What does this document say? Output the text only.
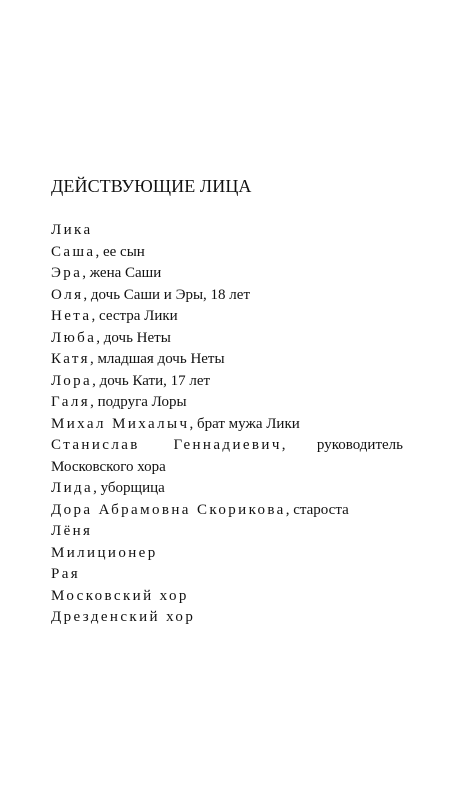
ДЕЙСТВУЮЩИЕ ЛИЦА
Лика
Саша, ее сын
Эра, жена Саши
Оля, дочь Саши и Эры, 18 лет
Нета, сестра Лики
Люба, дочь Неты
Катя, младшая дочь Неты
Лора, дочь Кати, 17 лет
Галя, подруга Лоры
Михал Михалыч, брат мужа Лики
Станислав Геннадиевич, руководитель Московского хора
Лида, уборщица
Дора Абрамовна Скорикова, староста
Лёня
Милиционер
Рая
Московский хор
Дрезденский хор
